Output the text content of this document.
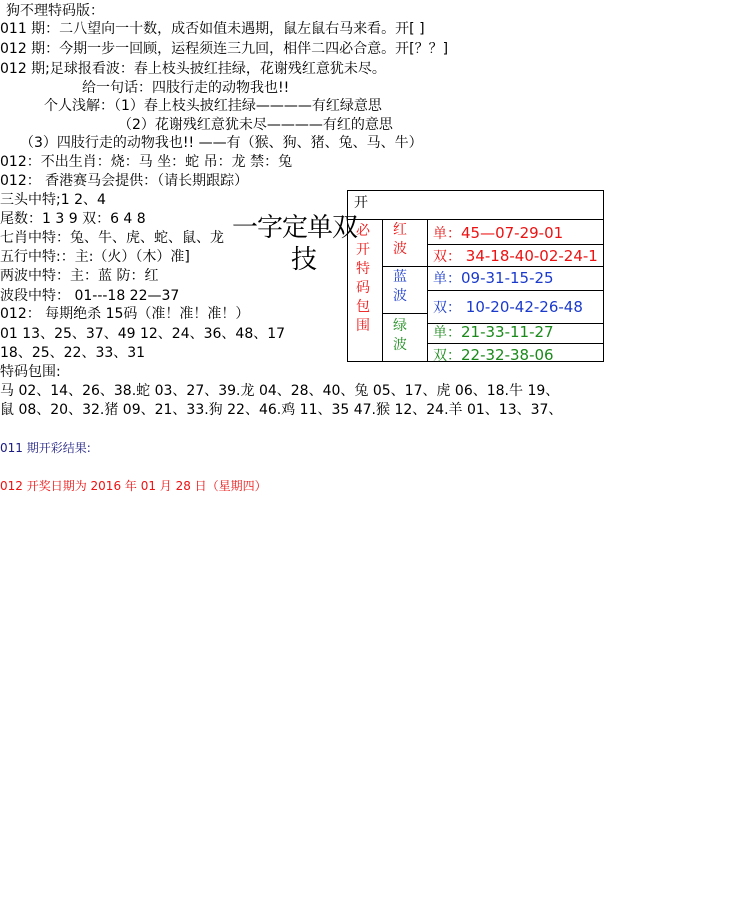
狗不理特码版：
011 期：二八望向一十数，成否如值未遇期，鼠左鼠右马来看。开[ ]
012 期：今期一步一回顾，运程须连三九回，相伴二四必合意。开[？？]
012 期;足球报看波：春上枝头披红挂绿，花谢残红意犹未尽。
给一句话：四肢行走的动物我也!!
个人浅解：（1）春上枝头披红挂绿————有红绿意思
（2）花谢残红意犹未尽————有红的意思
（3）四肢行走的动物我也!! ——有（猴、狗、猪、兔、马、牛）
012：不出生肖：烧：马 坐：蛇 吊：龙 禁：兔
012： 香港赛马会提供：（请长期跟踪）
三头中特;1 2、4
尾数：1 3 9 双：6 4 8
七肖中特：兔、牛、虎、蛇、鼠、龙
五行中特:：主:（火）（木）准]
两波中特：主：蓝 防：红
波段中特： 01---18 22—37
012： 每期绝杀 15码（准！准！准！）
01 13、25、37、49 12、24、36、48、17
18、25、22、33、31
特码包围:
马 02、14、26、38.蛇 03、27、39.龙 04、28、40、兔 05、17、虎 06、18.牛 19、
鼠 08、20、32.猪 09、21、33.狗 22、46.鸡 11、35 47.猴 12、24.羊 01、13、37、
011 期开彩结果:
012 开奖日期为 2016 年 01 月 28 日（星期四）
一字定单双
技
开
必开特码包围
红波
蓝波
绿波
单：45—07-29-01
双： 34-18-40-02-24-1
单：09-31-15-25
双： 10-20-42-26-48
单：21-33-11-27
双：22-32-38-06
